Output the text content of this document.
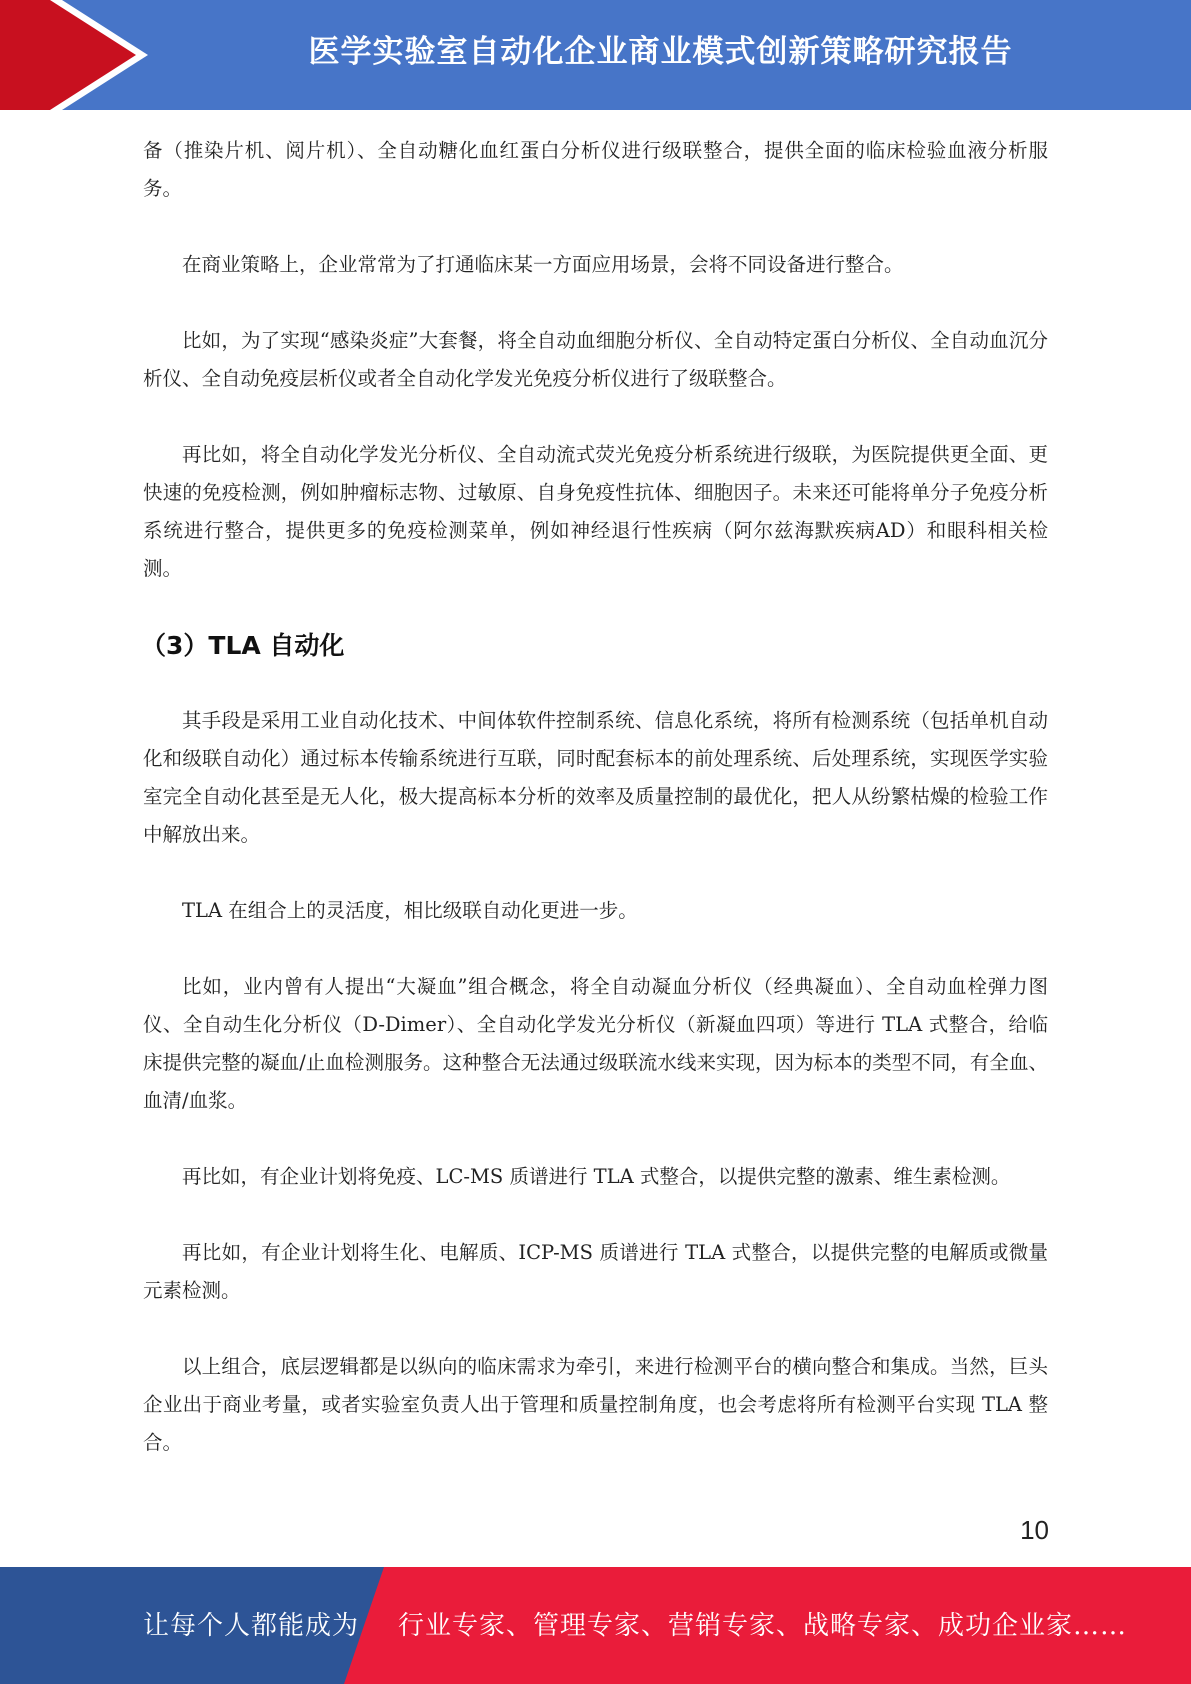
医学实验室自动化企业商业模式创新策略研究报告

备（推染片机、阅片机）、全自动糖化血红蛋白分析仪进行级联整合，提供全面的临床检验血液分析服务。

在商业策略上，企业常常为了打通临床某一方面应用场景，会将不同设备进行整合。

比如，为了实现“感染炎症”大套餐，将全自动血细胞分析仪、全自动特定蛋白分析仪、全自动血沉分析仪、全自动免疫层析仪或者全自动化学发光免疫分析仪进行了级联整合。

再比如，将全自动化学发光分析仪、全自动流式荧光免疫分析系统进行级联，为医院提供更全面、更快速的免疫检测，例如肿瘤标志物、过敏原、自身免疫性抗体、细胞因子。未来还可能将单分子免疫分析系统进行整合，提供更多的免疫检测菜单，例如神经退行性疾病（阿尔兹海默疾病AD）和眼科相关检测。

（3）TLA 自动化

其手段是采用工业自动化技术、中间体软件控制系统、信息化系统，将所有检测系统（包括单机自动化和级联自动化）通过标本传输系统进行互联，同时配套标本的前处理系统、后处理系统，实现医学实验室完全自动化甚至是无人化，极大提高标本分析的效率及质量控制的最优化，把人从纷繁枯燥的检验工作中解放出来。

TLA 在组合上的灵活度，相比级联自动化更进一步。

比如，业内曾有人提出“大凝血”组合概念，将全自动凝血分析仪（经典凝血）、全自动血栓弹力图仪、全自动生化分析仪（D-Dimer）、全自动化学发光分析仪（新凝血四项）等进行 TLA 式整合，给临床提供完整的凝血/止血检测服务。这种整合无法通过级联流水线来实现，因为标本的类型不同，有全血、血清/血浆。

再比如，有企业计划将免疫、LC-MS 质谱进行 TLA 式整合，以提供完整的激素、维生素检测。

再比如，有企业计划将生化、电解质、ICP-MS 质谱进行 TLA 式整合，以提供完整的电解质或微量元素检测。

以上组合，底层逻辑都是以纵向的临床需求为牵引，来进行检测平台的横向整合和集成。当然，巨头企业出于商业考量，或者实验室负责人出于管理和质量控制角度，也会考虑将所有检测平台实现 TLA 整合。

10
让每个人都能成为 行业专家、管理专家、营销专家、战略专家、成功企业家……
